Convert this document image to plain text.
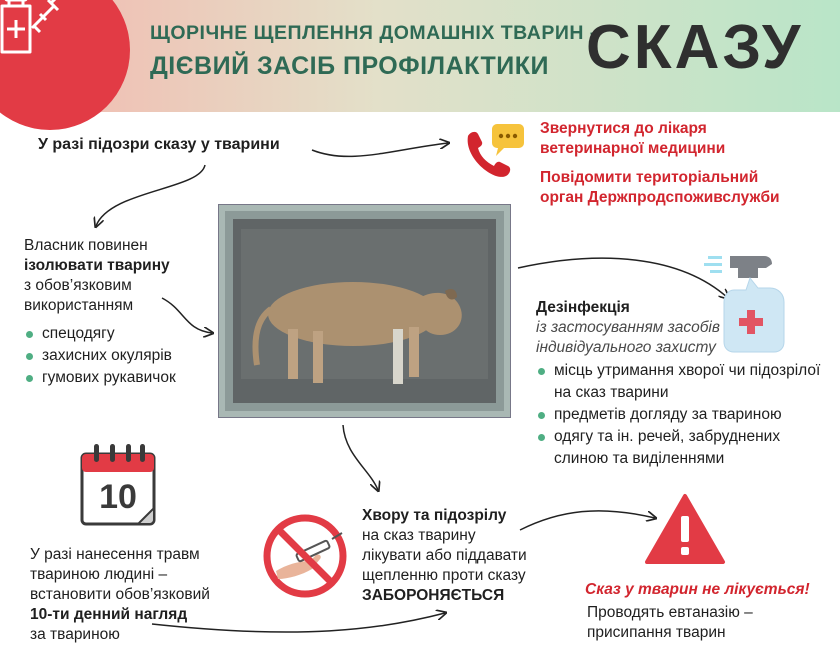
ЩОРІЧНЕ ЩЕПЛЕННЯ ДОМАШНІХ ТВАРИН –
ДІЄВИЙ ЗАСІБ ПРОФІЛАКТИКИ СКАЗУ
У разі підозри сказу у тварини
Звернутися до лікаря
ветеринарної медицини
Повідомити територіальний
орган Держпродспоживслужби
Власник повинен
ізолювати тварину
з обов’язковим
використанням
спецодягу
захисних окулярів
гумових рукавичок
Дезінфекція
із застосуванням засобів
індивідуального захисту
місць утримання хворої чи підозрілої на сказ тварини
предметів догляду за твариною
одягу та ін. речей, забруднених слиною та виділеннями
10
У разі нанесення травм
твариною людині –
встановити обов’язковий
10-ти денний нагляд
за твариною
Хвору та підозрілу
на сказ тварину
лікувати або піддавати
щепленню проти сказу
ЗАБОРОНЯЄТЬСЯ	Сказ у тварин не лікується!
Проводять евтаназію –
присипання тварин
